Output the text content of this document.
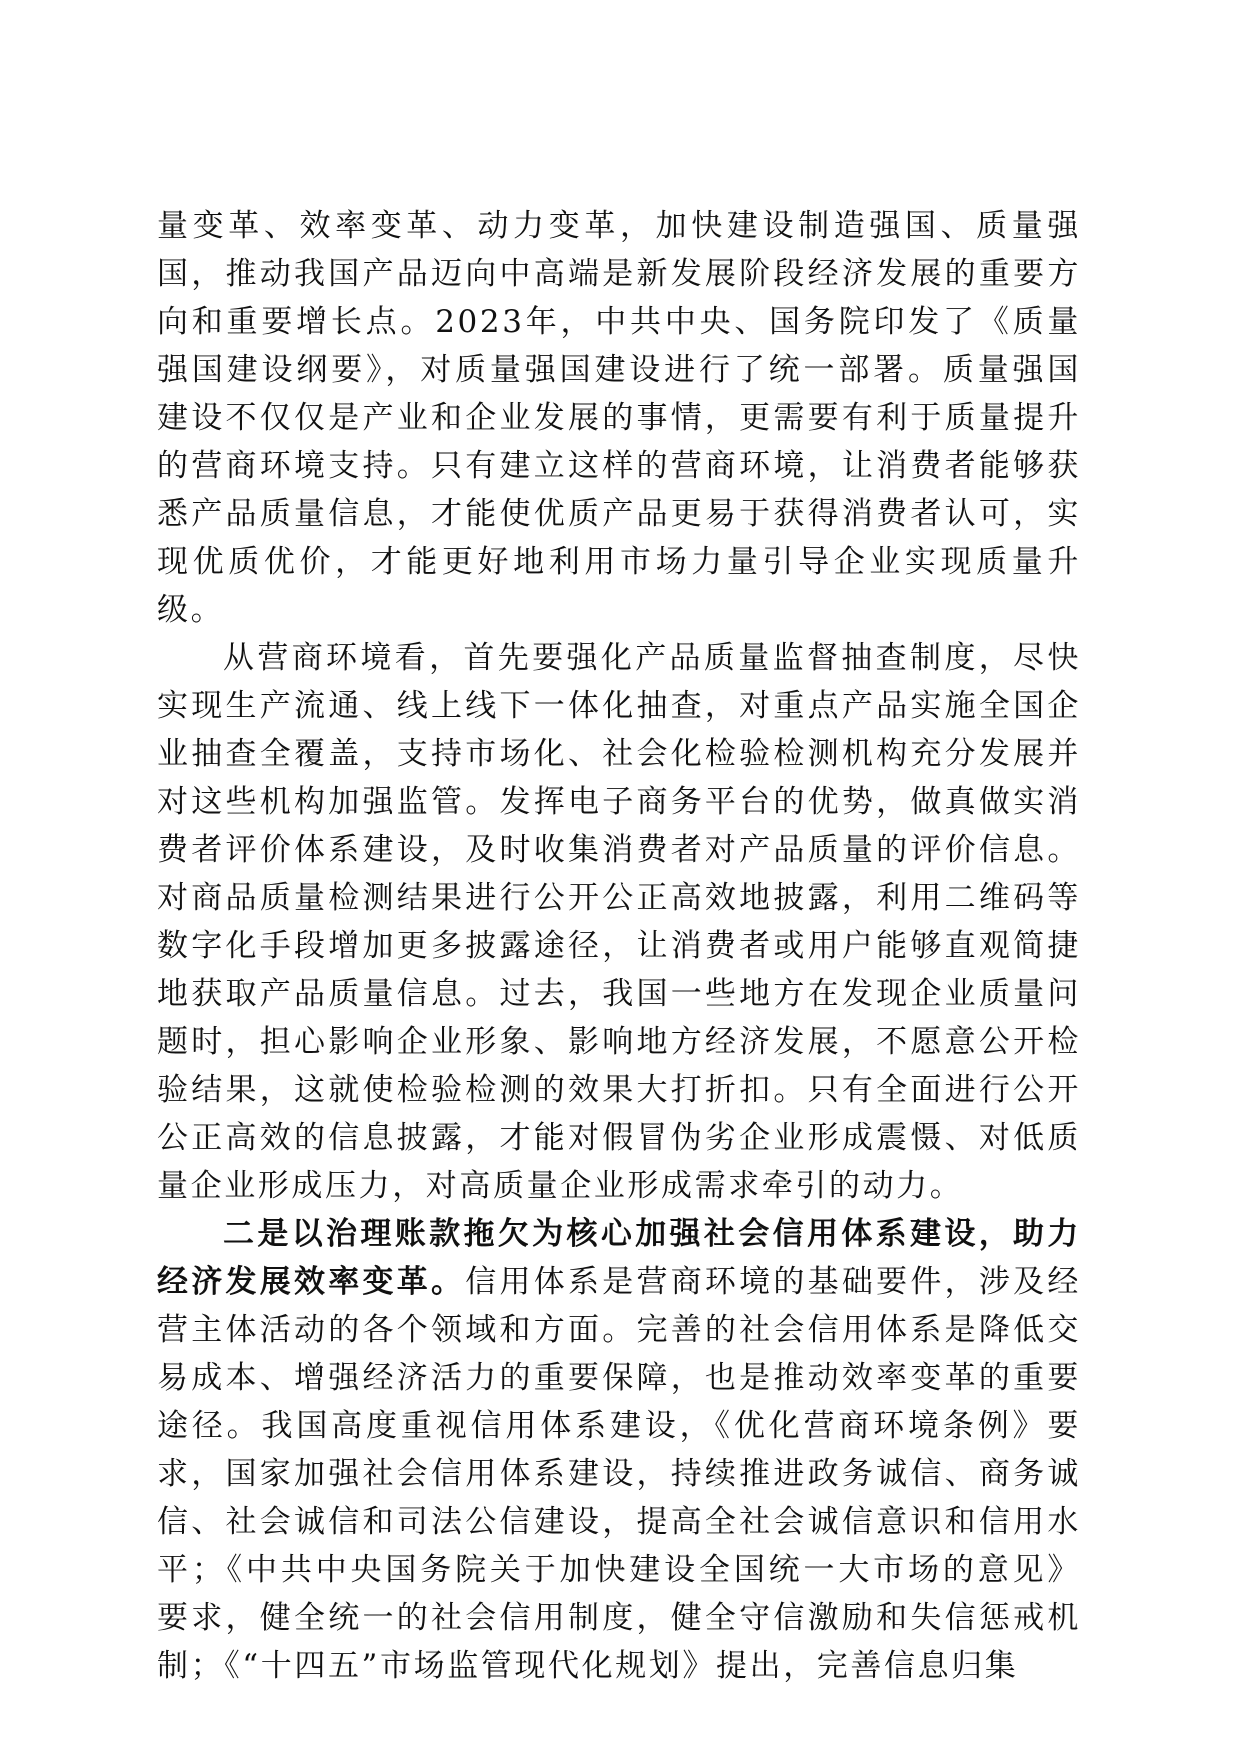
量变革、效率变革、动力变革，加快建设制造强国、质量强国，推动我国产品迈向中高端是新发展阶段经济发展的重要方向和重要增长点。2023年，中共中央、国务院印发了《质量强国建设纲要》，对质量强国建设进行了统一部署。质量强国建设不仅仅是产业和企业发展的事情，更需要有利于质量提升的营商环境支持。只有建立这样的营商环境，让消费者能够获悉产品质量信息，才能使优质产品更易于获得消费者认可，实现优质优价，才能更好地利用市场力量引导企业实现质量升级。

从营商环境看，首先要强化产品质量监督抽查制度，尽快实现生产流通、线上线下一体化抽查，对重点产品实施全国企业抽查全覆盖，支持市场化、社会化检验检测机构充分发展并对这些机构加强监管。发挥电子商务平台的优势，做真做实消费者评价体系建设，及时收集消费者对产品质量的评价信息。对商品质量检测结果进行公开公正高效地披露，利用二维码等数字化手段增加更多披露途径，让消费者或用户能够直观简捷地获取产品质量信息。过去，我国一些地方在发现企业质量问题时，担心影响企业形象、影响地方经济发展，不愿意公开检验结果，这就使检验检测的效果大打折扣。只有全面进行公开公正高效的信息披露，才能对假冒伪劣企业形成震慑、对低质量企业形成压力，对高质量企业形成需求牵引的动力。

二是以治理账款拖欠为核心加强社会信用体系建设，助力经济发展效率变革。信用体系是营商环境的基础要件，涉及经营主体活动的各个领域和方面。完善的社会信用体系是降低交易成本、增强经济活力的重要保障，也是推动效率变革的重要途径。我国高度重视信用体系建设，《优化营商环境条例》要求，国家加强社会信用体系建设，持续推进政务诚信、商务诚信、社会诚信和司法公信建设，提高全社会诚信意识和信用水平；《中共中央国务院关于加快建设全国统一大市场的意见》要求，健全统一的社会信用制度，健全守信激励和失信惩戒机制；《“十四五”市场监管现代化规划》提出，完善信息归集
